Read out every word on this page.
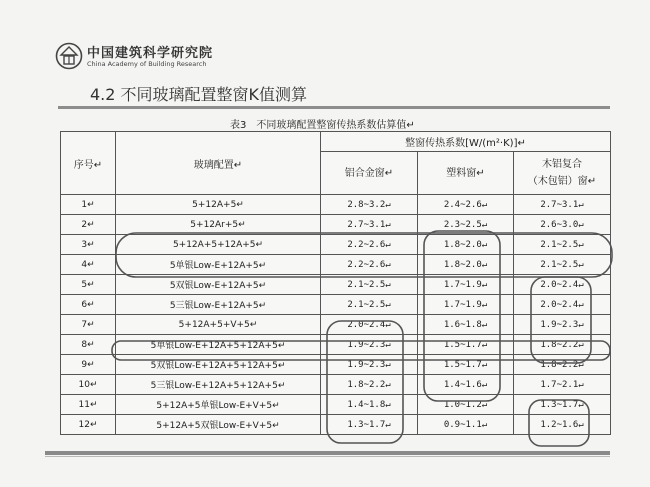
中国建筑科学研究院
China Academy of Building Research
4.2 不同玻璃配置整窗K值测算
表3 不同玻璃配置整窗传热系数估算值↵
序号↵	玻璃配置↵	整窗传热系数[W/(m²·K)]↵		
		铝合金窗↵	塑料窗↵	木铝复合
（木包铝）窗↵
1↵	5+12A+5↵	2.8~3.2↵	2.4~2.6↵	2.7~3.1↵
2↵	5+12Ar+5↵	2.7~3.1↵	2.3~2.5↵	2.6~3.0↵
3↵	5+12A+5+12A+5↵	2.2~2.6↵	1.8~2.0↵	2.1~2.5↵
4↵	5单银Low-E+12A+5↵	2.2~2.6↵	1.8~2.0↵	2.1~2.5↵
5↵	5双银Low-E+12A+5↵	2.1~2.5↵	1.7~1.9↵	2.0~2.4↵
6↵	5三银Low-E+12A+5↵	2.1~2.5↵	1.7~1.9↵	2.0~2.4↵
7↵	5+12A+5+V+5↵	2.0~2.4↵	1.6~1.8↵	1.9~2.3↵
8↵	5单银Low-E+12A+5+12A+5↵	1.9~2.3↵	1.5~1.7↵	1.8~2.2↵
9↵	5双银Low-E+12A+5+12A+5↵	1.9~2.3↵	1.5~1.7↵	1.8~2.2↵
10↵	5三银Low-E+12A+5+12A+5↵	1.8~2.2↵	1.4~1.6↵	1.7~2.1↵
11↵	5+12A+5单银Low-E+V+5↵	1.4~1.8↵	1.0~1.2↵	1.3~1.7↵
12↵	5+12A+5双银Low-E+V+5↵	1.3~1.7↵	0.9~1.1↵	1.2~1.6↵
